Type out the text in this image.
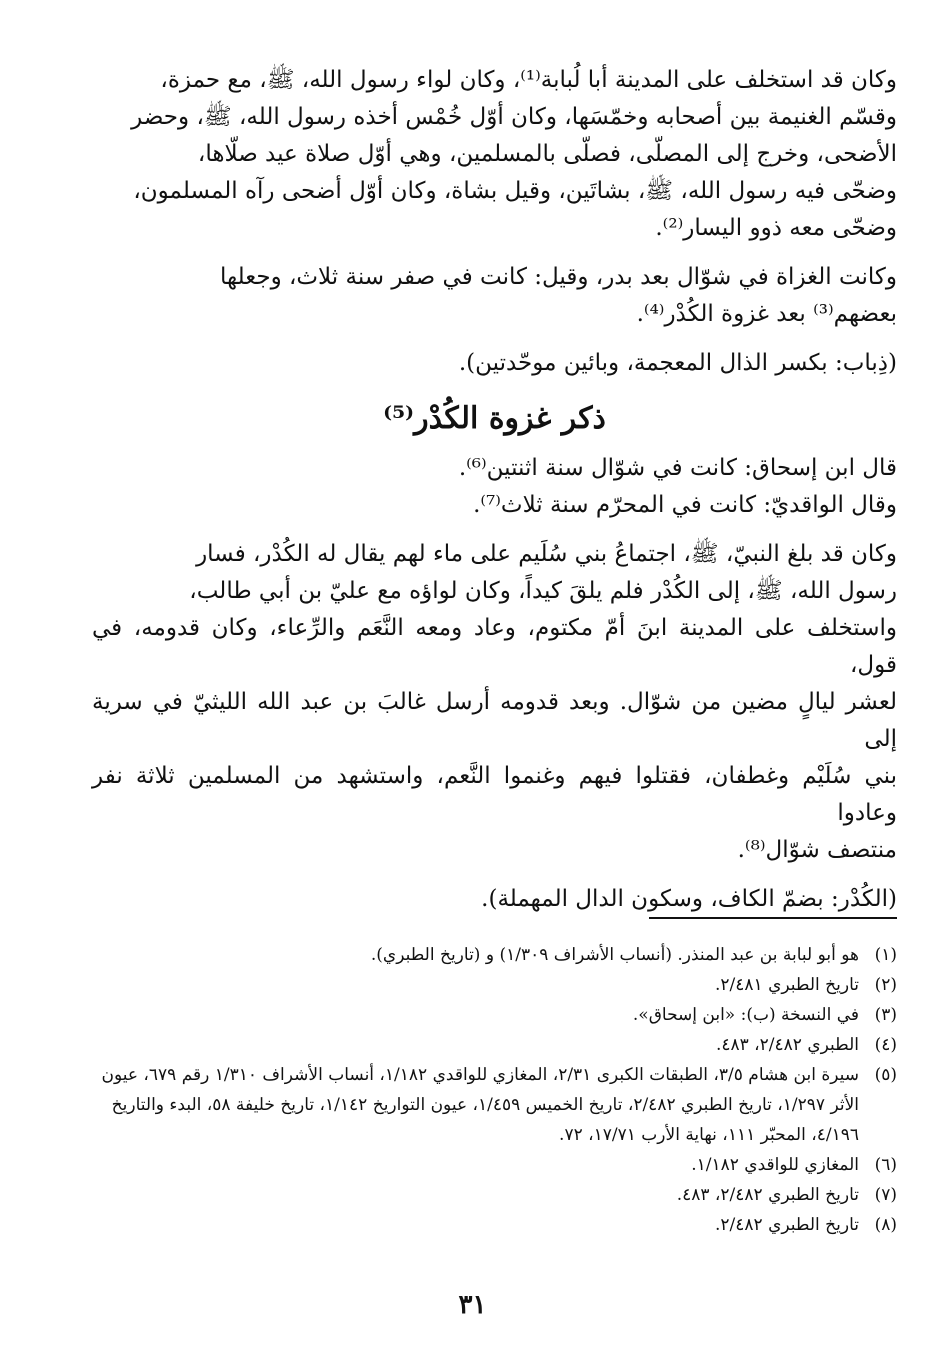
وكان قد استخلف على المدينة أبا لُبابة⁽¹⁾، وكان لواء رسول الله، ﷺ، مع حمزة،
وقسّم الغنيمة بين أصحابه وخمّسَها، وكان أوّل خُمْس أخذه رسول الله، ﷺ، وحضر
الأضحى، وخرج إلى المصلّى، فصلّى بالمسلمين، وهي أوّل صلاة عيد صلّاها،
وضحّى فيه رسول الله، ﷺ، بشاتَين، وقيل بشاة، وكان أوّل أضحى رآه المسلمون،
وضحّى معه ذوو اليسار⁽²⁾.

وكانت الغزاة في شوّال بعد بدر، وقيل: كانت في صفر سنة ثلاث، وجعلها
بعضهم⁽³⁾ بعد غزوة الكُدْر⁽⁴⁾.

(ذِباب: بكسر الذال المعجمة، وبائين موحّدتين).

ذكر غزوة الكُدْر⁽⁵⁾

قال ابن إسحاق: كانت في شوّال سنة اثنتين⁽⁶⁾.
وقال الواقديّ: كانت في المحرّم سنة ثلاث⁽⁷⁾.

وكان قد بلغ النبيّ، ﷺ، اجتماعُ بني سُلَيم على ماء لهم يقال له الكُدْر، فسار
رسول الله، ﷺ، إلى الكُدْر فلم يلقَ كيداً، وكان لواؤه مع عليّ بن أبي طالب،
واستخلف على المدينة ابنَ أمّ مكتوم، وعاد ومعه النَّعَم والرِّعاء، وكان قدومه، في قول،
لعشر ليالٍ مضين من شوّال. وبعد قدومه أرسل غالبَ بن عبد الله الليثيّ في سرية إلى
بني سُلَيْم وغطفان، فقتلوا فيهم وغنموا النَّعم، واستشهد من المسلمين ثلاثة نفر وعادوا
منتصف شوّال⁽⁸⁾.

(الكُدْر: بضمّ الكاف، وسكون الدال المهملة).

(١)
هو أبو لبابة بن عبد المنذر. (أنساب الأشراف ١/٣٠٩) و (تاريخ الطبري).
(٢)
تاريخ الطبري ٢/٤٨١.
(٣)
في النسخة (ب): «ابن إسحاق».
(٤)
الطبري ٢/٤٨٢، ٤٨٣.
(٥)
سيرة ابن هشام ٣/٥، الطبقات الكبرى ٢/٣١، المغازي للواقدي ١/١٨٢، أنساب الأشراف ١/٣١٠ رقم ٦٧٩، عيون الأثر ١/٢٩٧، تاريخ الطبري ٢/٤٨٢، تاريخ الخميس ١/٤٥٩، عيون التواريخ ١/١٤٢، تاريخ خليفة ٥٨، البدء والتاريخ ٤/١٩٦، المحبّر ١١١، نهاية الأرب ١٧/٧١، ٧٢.
(٦)
المغازي للواقدي ١/١٨٢.
(٧)
تاريخ الطبري ٢/٤٨٢، ٤٨٣.
(٨)
تاريخ الطبري ٢/٤٨٢.
٣١
